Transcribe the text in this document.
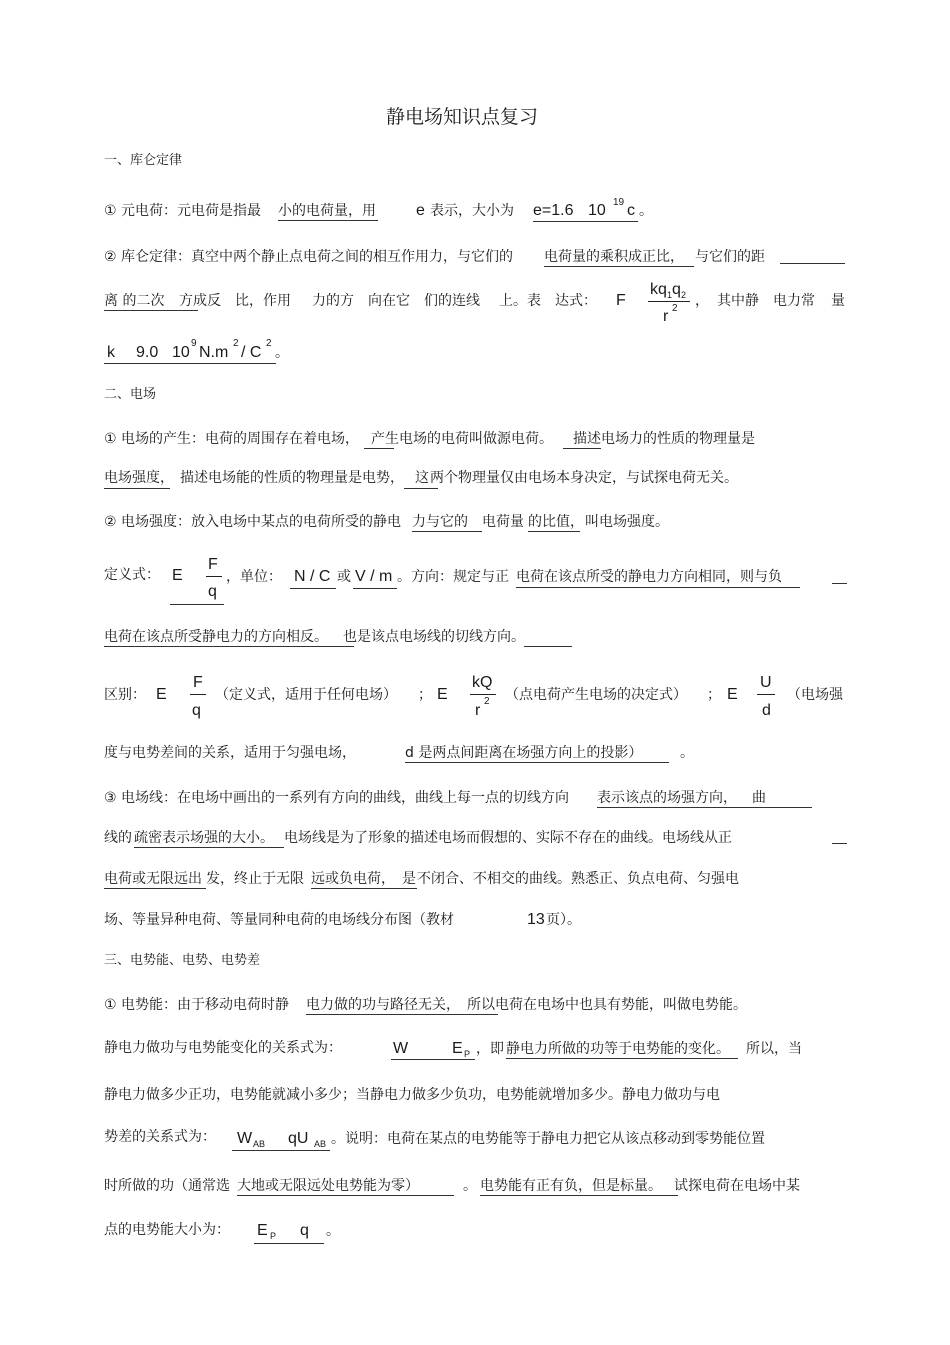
静电场知识点复习
一、库仑定律
① 元电荷：元电荷是指最 小的电荷量，用	e 表示，大小为 e=1.6 10 19 c 。
② 库仑定律：真空中两个静止点电荷之间的相互作用力，与它们的 电荷量的乘积成正比， 与它们的距
离 的二次 方成反 比，作用 力的方 向在它 们的连线 上。表 达式： F
kq 1 q 2
r 2 ， 其中静 电力常 量
k 9.0 10
9
N.m
2
/ C
2
。
二、电场
① 电场的产生：电荷的周围存在着电场， 产生电场的电荷叫做源电荷。 描述 电场力的性质的物理量是
电场强度， 描述电场能的性质的物理量是电势， 这 两个物理量仅由电场本身决定，与试探电荷无关。
② 电场强度：放入电场中某点的电荷所受的静电 力与它的 电荷量 的比值， 叫电场强度。
定义式： E
F
q
，单位： N / C 或 V / m 。方向：规定与正 电荷在该点所受的静电力方向相同，则与负
电荷在该点所受静电力的方向相反。 也是该点电场线的切线方向。
区别： E
F
q
（定义式，适用于任何电场） ； E
kQ
r
2 （点电荷产生电场的决定式） ； E
U
d
（电场强
度与电势差间的关系，适用于匀强电场，	d 是两点间距离在场强方向上的投影）	。
③ 电场线：在电场中画出的一系列有方向的曲线，曲线上每一点的切线方向 表示该点的场强方向， 曲
线的 疏密表示场强的大小。 电场线是为了形象的描述电场而假想的、实际不存在的曲线。电场线从正
电荷或无限远出 发，终止于无限 远或负电荷， 是 不闭合、不相交的曲线。熟悉正、负点电荷、匀强电
场、等量异种电荷、等量同种电荷的电场线分布图（教材	13 页）。
三、电势能、电势、电势差
① 电势能：由于移动电荷时静 电力做的功与路径无关， 所以电荷在电场中也具有势能，叫做电势能。
静电力做功与电势能变化的关系式为：	W	E P ，即 静电力所做的功等于电势能的变化。 所以，当
静电力做多少正功，电势能就减小多少；当静电力做多少负功，电势能就增加多少。静电力做功与电
势差的关系式为： W AB qU AB 。说明：电荷在某点的电势能等于静电力把它从该点移动到零势能位置
时所做的功（通常选 大地或无限远处电势能为零）	。 电势能有正有负，但是标量。 试探电荷在电场中某
点的电势能大小为： E P q 。
